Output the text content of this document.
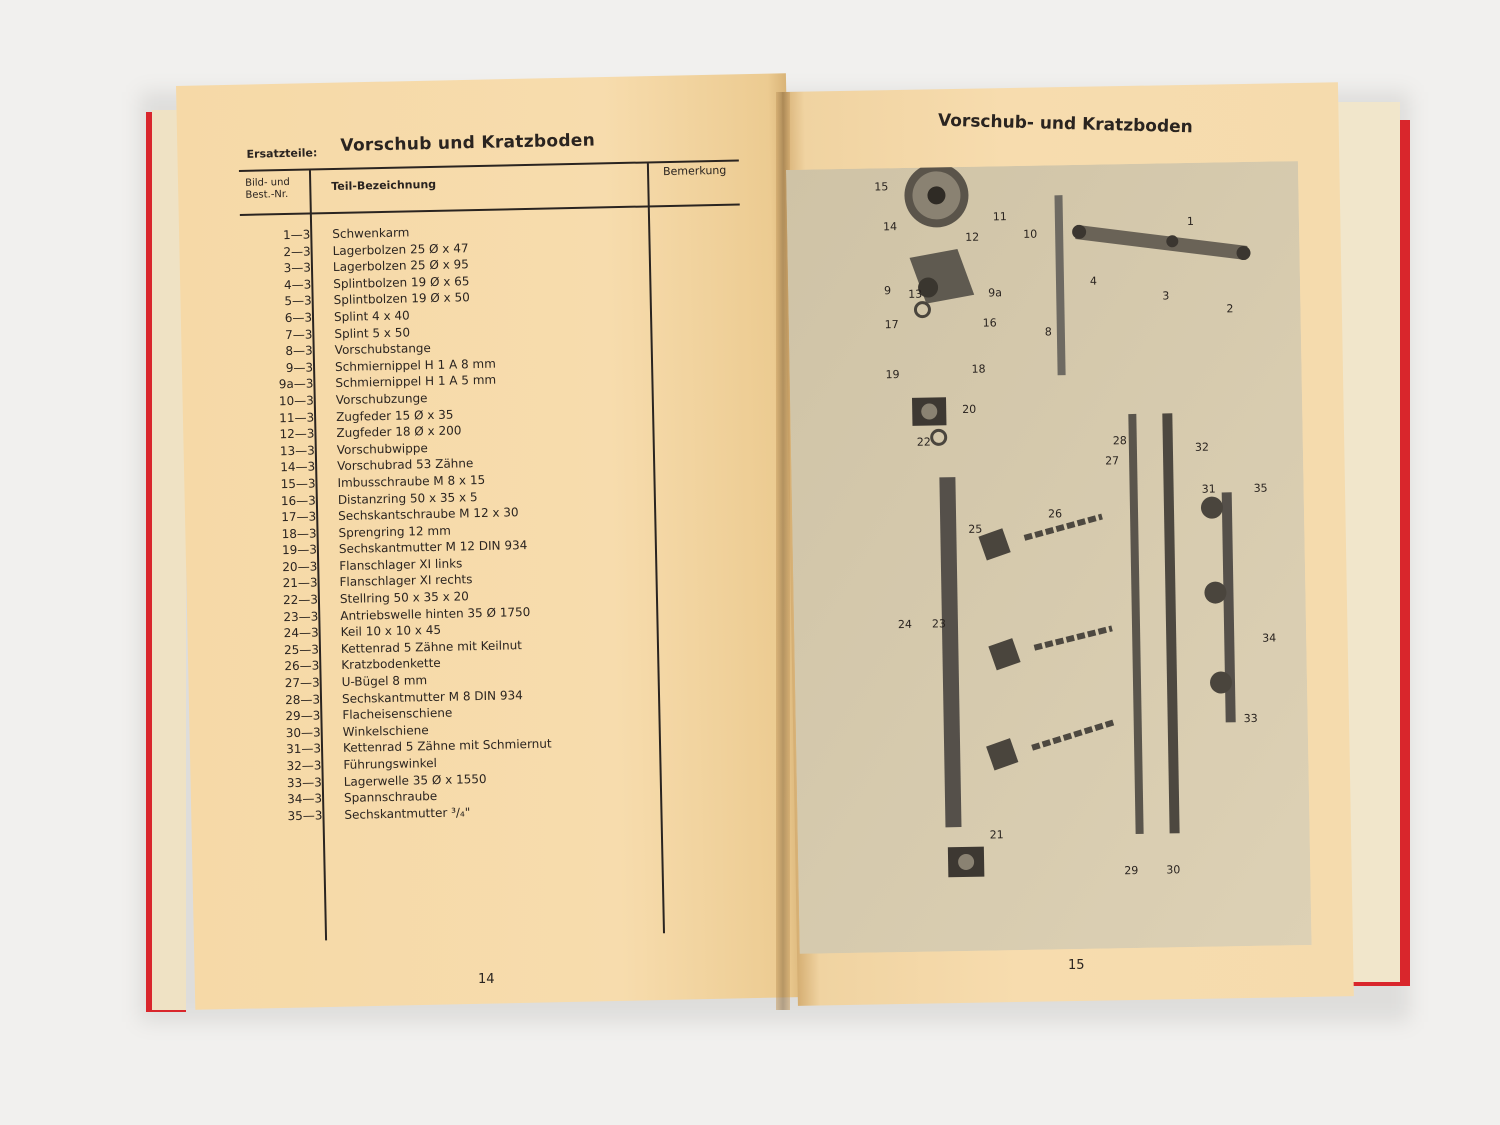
Ersatzteile: Vorschub und Kratzboden
Bild- und Best.-Nr.
Teil-Bezeichnung
Bemerkung
1—3 Schwenkarm
2—3 Lagerbolzen 25 Ø x 47
3—3 Lagerbolzen 25 Ø x 95
4—3 Splintbolzen 19 Ø x 65
5—3 Splintbolzen 19 Ø x 50
6—3 Splint 4 x 40
7—3 Splint 5 x 50
8—3 Vorschubstange
9—3 Schmiernippel H 1 A 8 mm
9a—3 Schmiernippel H 1 A 5 mm
10—3 Vorschubzunge
11—3 Zugfeder 15 Ø x 35
12—3 Zugfeder 18 Ø x 200
13—3 Vorschubwippe
14—3 Vorschubrad 53 Zähne
15—3 Imbusschraube M 8 x 15
16—3 Distanzring 50 x 35 x 5
17—3 Sechskantschraube M 12 x 30
18—3 Sprengring 12 mm
19—3 Sechskantmutter M 12 DIN 934
20—3 Flanschlager XI links
21—3 Flanschlager XI rechts
22—3 Stellring 50 x 35 x 20
23—3 Antriebswelle hinten 35 Ø 1750
24—3 Keil 10 x 10 x 45
25—3 Kettenrad 5 Zähne mit Keilnut
26—3 Kratzbodenkette
27—3 U-Bügel 8 mm
28—3 Sechskantmutter M 8 DIN 934
29—3 Flacheisenschiene
30—3 Winkelschiene
31—3 Kettenrad 5 Zähne mit Schmiernut
32—3 Führungswinkel
33—3 Lagerwelle 35 Ø x 1550
34—3 Spannschraube
35—3 Sechskantmutter ³/₄"
14
Vorschub- und Kratzboden
14
15
1
2
3
4
8
9	9a
10
11
12
13
16
17
18
19
20
21
22
23
24
25
26
27
28
29	30
31
32
33
34
35
15
